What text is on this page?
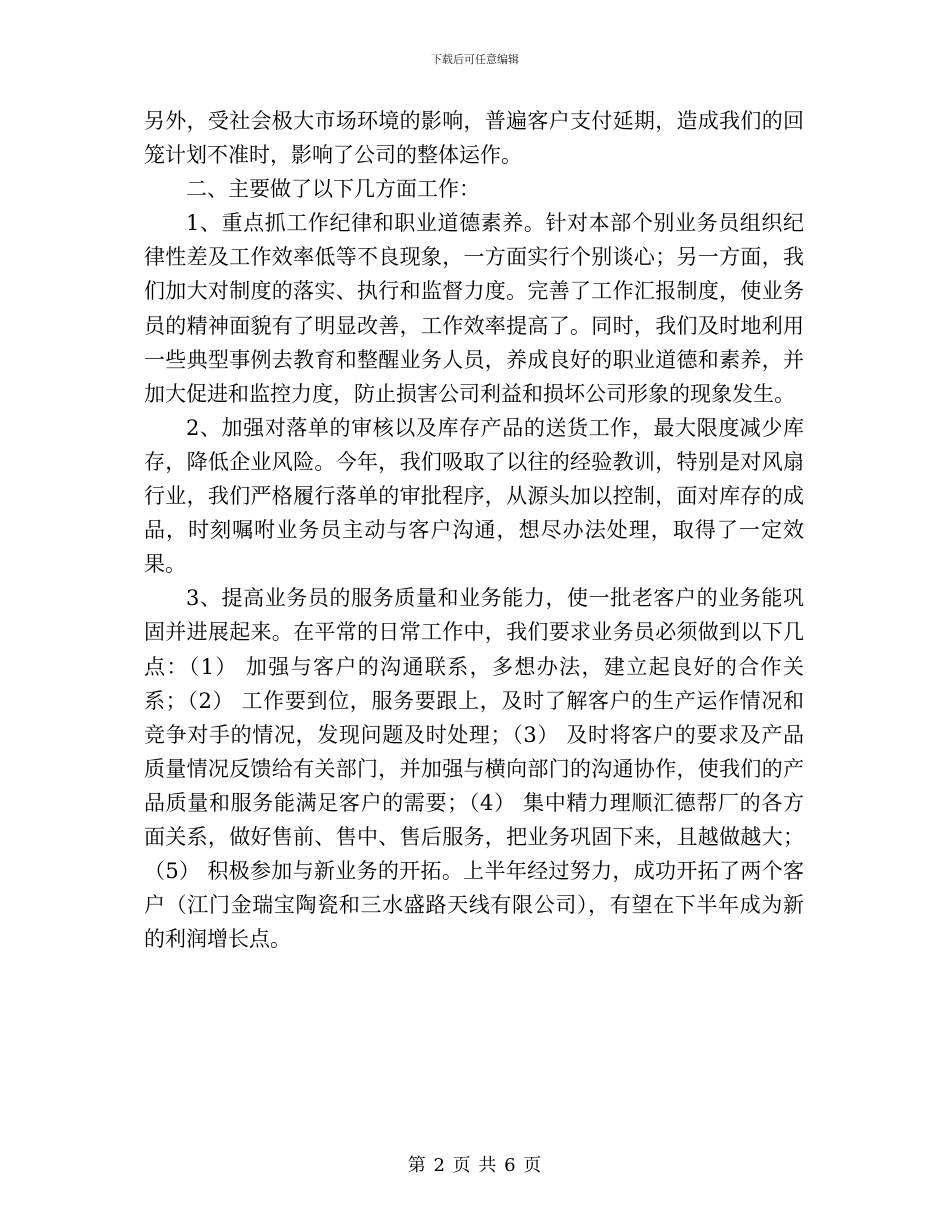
下载后可任意编辑

另外，受社会极大市场环境的影响，普遍客户支付延期，造成我们的回笼计划不准时，影响了公司的整体运作。

二、主要做了以下几方面工作：

1、重点抓工作纪律和职业道德素养。针对本部个别业务员组织纪律性差及工作效率低等不良现象，一方面实行个别谈心；另一方面，我们加大对制度的落实、执行和监督力度。完善了工作汇报制度，使业务员的精神面貌有了明显改善，工作效率提高了。同时，我们及时地利用一些典型事例去教育和整醒业务人员，养成良好的职业道德和素养，并加大促进和监控力度，防止损害公司利益和损坏公司形象的现象发生。

2、加强对落单的审核以及库存产品的送货工作，最大限度减少库存，降低企业风险。今年，我们吸取了以往的经验教训，特别是对风扇行业，我们严格履行落单的审批程序，从源头加以控制，面对库存的成品，时刻嘱咐业务员主动与客户沟通，想尽办法处理，取得了一定效果。

3、提高业务员的服务质量和业务能力，使一批老客户的业务能巩固并进展起来。在平常的日常工作中，我们要求业务员必须做到以下几点：（1） 加强与客户的沟通联系，多想办法，建立起良好的合作关系；（2） 工作要到位，服务要跟上，及时了解客户的生产运作情况和竞争对手的情况，发现问题及时处理；（3） 及时将客户的要求及产品质量情况反馈给有关部门，并加强与横向部门的沟通协作，使我们的产品质量和服务能满足客户的需要；（4） 集中精力理顺汇德帮厂的各方面关系，做好售前、售中、售后服务，把业务巩固下来，且越做越大；（5） 积极参加与新业务的开拓。上半年经过努力，成功开拓了两个客户（江门金瑞宝陶瓷和三水盛路天线有限公司），有望在下半年成为新的利润增长点。

第 2 页 共 6 页
